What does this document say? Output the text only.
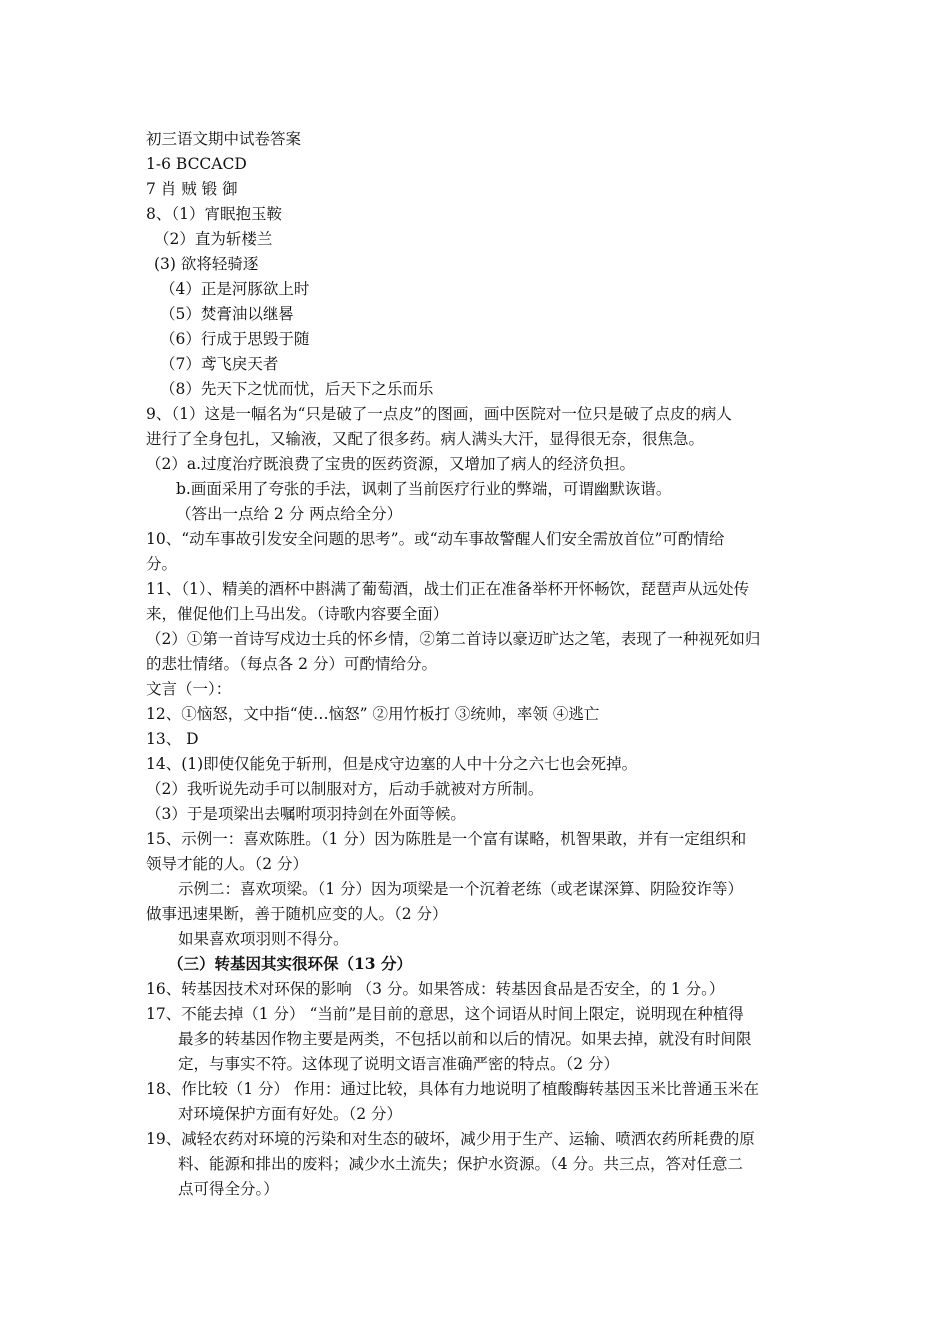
初三语文期中试卷答案
1-6 BCCACD
7 肖 贼 锻 御
8、（1）宵眠抱玉鞍
（2）直为斩楼兰
(3) 欲将轻骑逐
（4）正是河豚欲上时
（5）焚膏油以继晷
（6）行成于思毁于随
（7）鸢飞戾天者
（8）先天下之忧而忧，后天下之乐而乐
9、（1）这是一幅名为“只是破了一点皮”的图画，画中医院对一位只是破了点皮的病人
进行了全身包扎，又输液，又配了很多药。病人满头大汗，显得很无奈，很焦急。
（2）a.过度治疗既浪费了宝贵的医药资源，又增加了病人的经济负担。
b.画面采用了夸张的手法，讽刺了当前医疗行业的弊端，可谓幽默诙谐。
（答出一点给 2 分 两点给全分）
10、“动车事故引发安全问题的思考”。或“动车事故警醒人们安全需放首位”可酌情给
分。
11、（1）、精美的酒杯中斟满了葡萄酒，战士们正在准备举杯开怀畅饮，琵琶声从远处传
来，催促他们上马出发。（诗歌内容要全面）
（2）①第一首诗写戍边士兵的怀乡情，②第二首诗以豪迈旷达之笔，表现了一种视死如归
的悲壮情绪。（每点各 2 分）可酌情给分。
文言（一）：
12、①恼怒，文中指“使…恼怒” ②用竹板打 ③统帅，率领 ④逃亡
13、 D
14、(1)即使仅能免于斩刑，但是戍守边塞的人中十分之六七也会死掉。
（2）我听说先动手可以制服对方，后动手就被对方所制。
（3）于是项梁出去嘱咐项羽持剑在外面等候。
15、示例一：喜欢陈胜。（1 分）因为陈胜是一个富有谋略，机智果敢，并有一定组织和
领导才能的人。（2 分）
示例二：喜欢项梁。（1 分）因为项梁是一个沉着老练（或老谋深算、阴险狡诈等）
做事迅速果断，善于随机应变的人。（2 分）
如果喜欢项羽则不得分。
（三）转基因其实很环保（13 分）
16、转基因技术对环保的影响 （3 分。如果答成：转基因食品是否安全，的 1 分。）
17、不能去掉（1 分） “当前”是目前的意思，这个词语从时间上限定，说明现在种植得
最多的转基因作物主要是两类，不包括以前和以后的情况。如果去掉，就没有时间限
定，与事实不符。这体现了说明文语言准确严密的特点。（2 分）
18、作比较（1 分） 作用：通过比较，具体有力地说明了植酸酶转基因玉米比普通玉米在
对环境保护方面有好处。（2 分）
19、减轻农药对环境的污染和对生态的破坏，减少用于生产、运输、喷洒农药所耗费的原
料、能源和排出的废料；减少水土流失；保护水资源。（4 分。共三点，答对任意二
点可得全分。）
